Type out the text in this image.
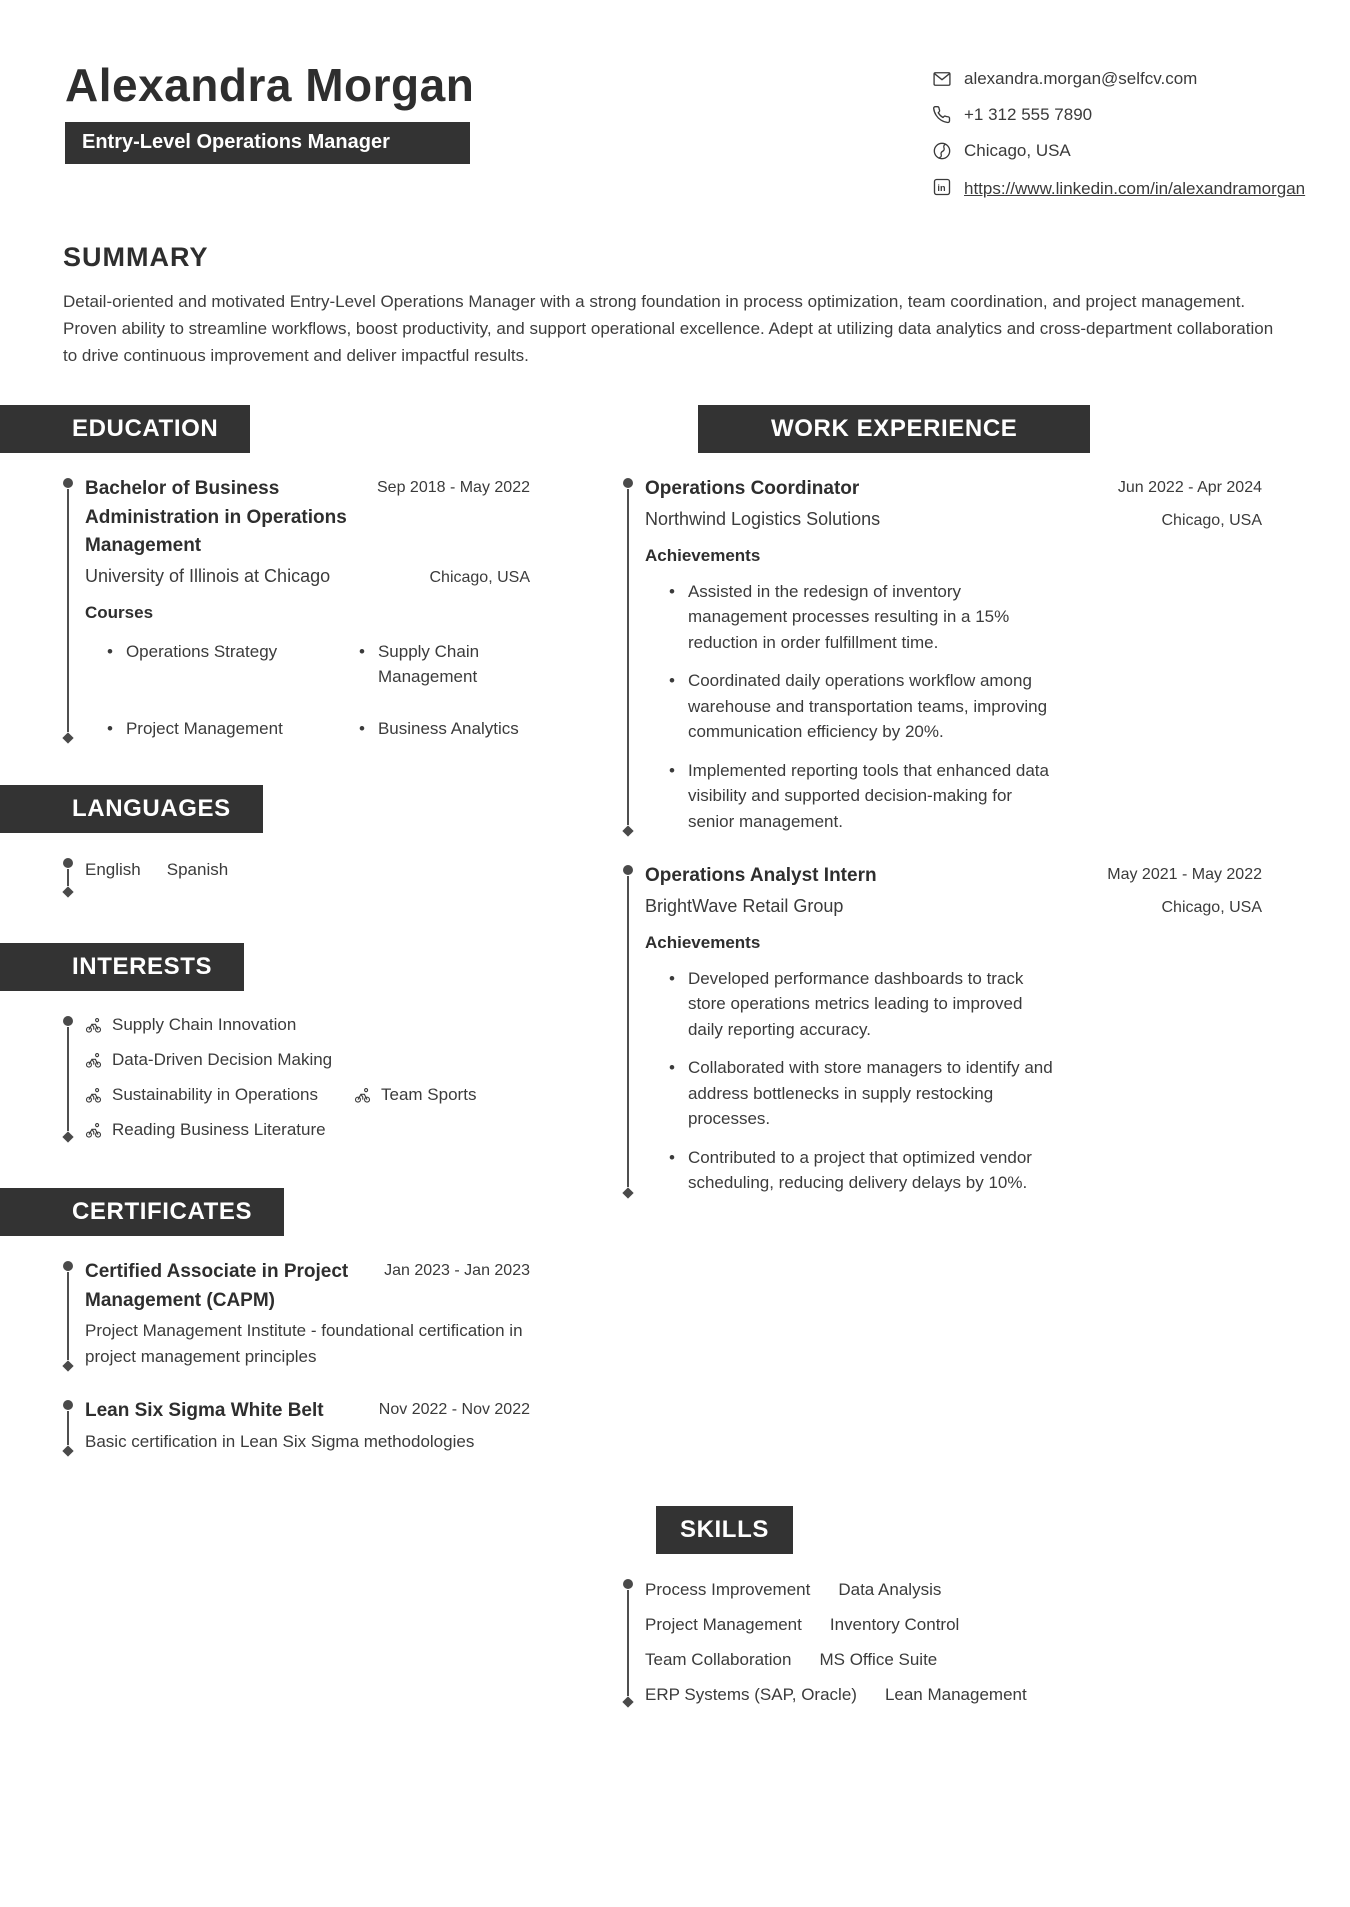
Alexandra Morgan
Entry-Level Operations Manager
alexandra.morgan@selfcv.com
+1 312 555 7890
Chicago, USA
in https://www.linkedin.com/in/alexandramorgan
SUMMARY

Detail-oriented and motivated Entry-Level Operations Manager with a strong foundation in process optimization, team coordination, and project management. Proven ability to streamline workflows, boost productivity, and support operational excellence. Adept at utilizing data analytics and cross-department collaboration to drive continuous improvement and deliver impactful results.

EDUCATION
Bachelor of Business Administration in Operations Management
Sep 2018 - May 2022
University of Illinois at Chicago	Chicago, USA
Courses
• Operations Strategy	• Supply Chain Management
• Project Management	• Business Analytics
LANGUAGES
English Spanish
INTERESTS
Supply Chain Innovation
Data-Driven Decision Making
Sustainability in Operations	Team Sports
Reading Business Literature
CERTIFICATES
Certified Associate in Project Management (CAPM)
Jan 2023 - Jan 2023
Project Management Institute - foundational certification in project management principles
Lean Six Sigma White Belt	Nov 2022 - Nov 2022
Basic certification in Lean Six Sigma methodologies
WORK EXPERIENCE
Operations Coordinator	Jun 2022 - Apr 2024
Northwind Logistics Solutions	Chicago, USA
Achievements
• Assisted in the redesign of inventory management processes resulting in a 15% reduction in order fulfillment time.
• Coordinated daily operations workflow among warehouse and transportation teams, improving communication efficiency by 20%.
• Implemented reporting tools that enhanced data visibility and supported decision-making for senior management.
Operations Analyst Intern	May 2021 - May 2022
BrightWave Retail Group	Chicago, USA
Achievements
• Developed performance dashboards to track store operations metrics leading to improved daily reporting accuracy.
• Collaborated with store managers to identify and address bottlenecks in supply restocking processes.
• Contributed to a project that optimized vendor scheduling, reducing delivery delays by 10%.
SKILLS
Process Improvement Data Analysis
Project Management Inventory Control
Team Collaboration MS Office Suite
ERP Systems (SAP, Oracle) Lean Management
